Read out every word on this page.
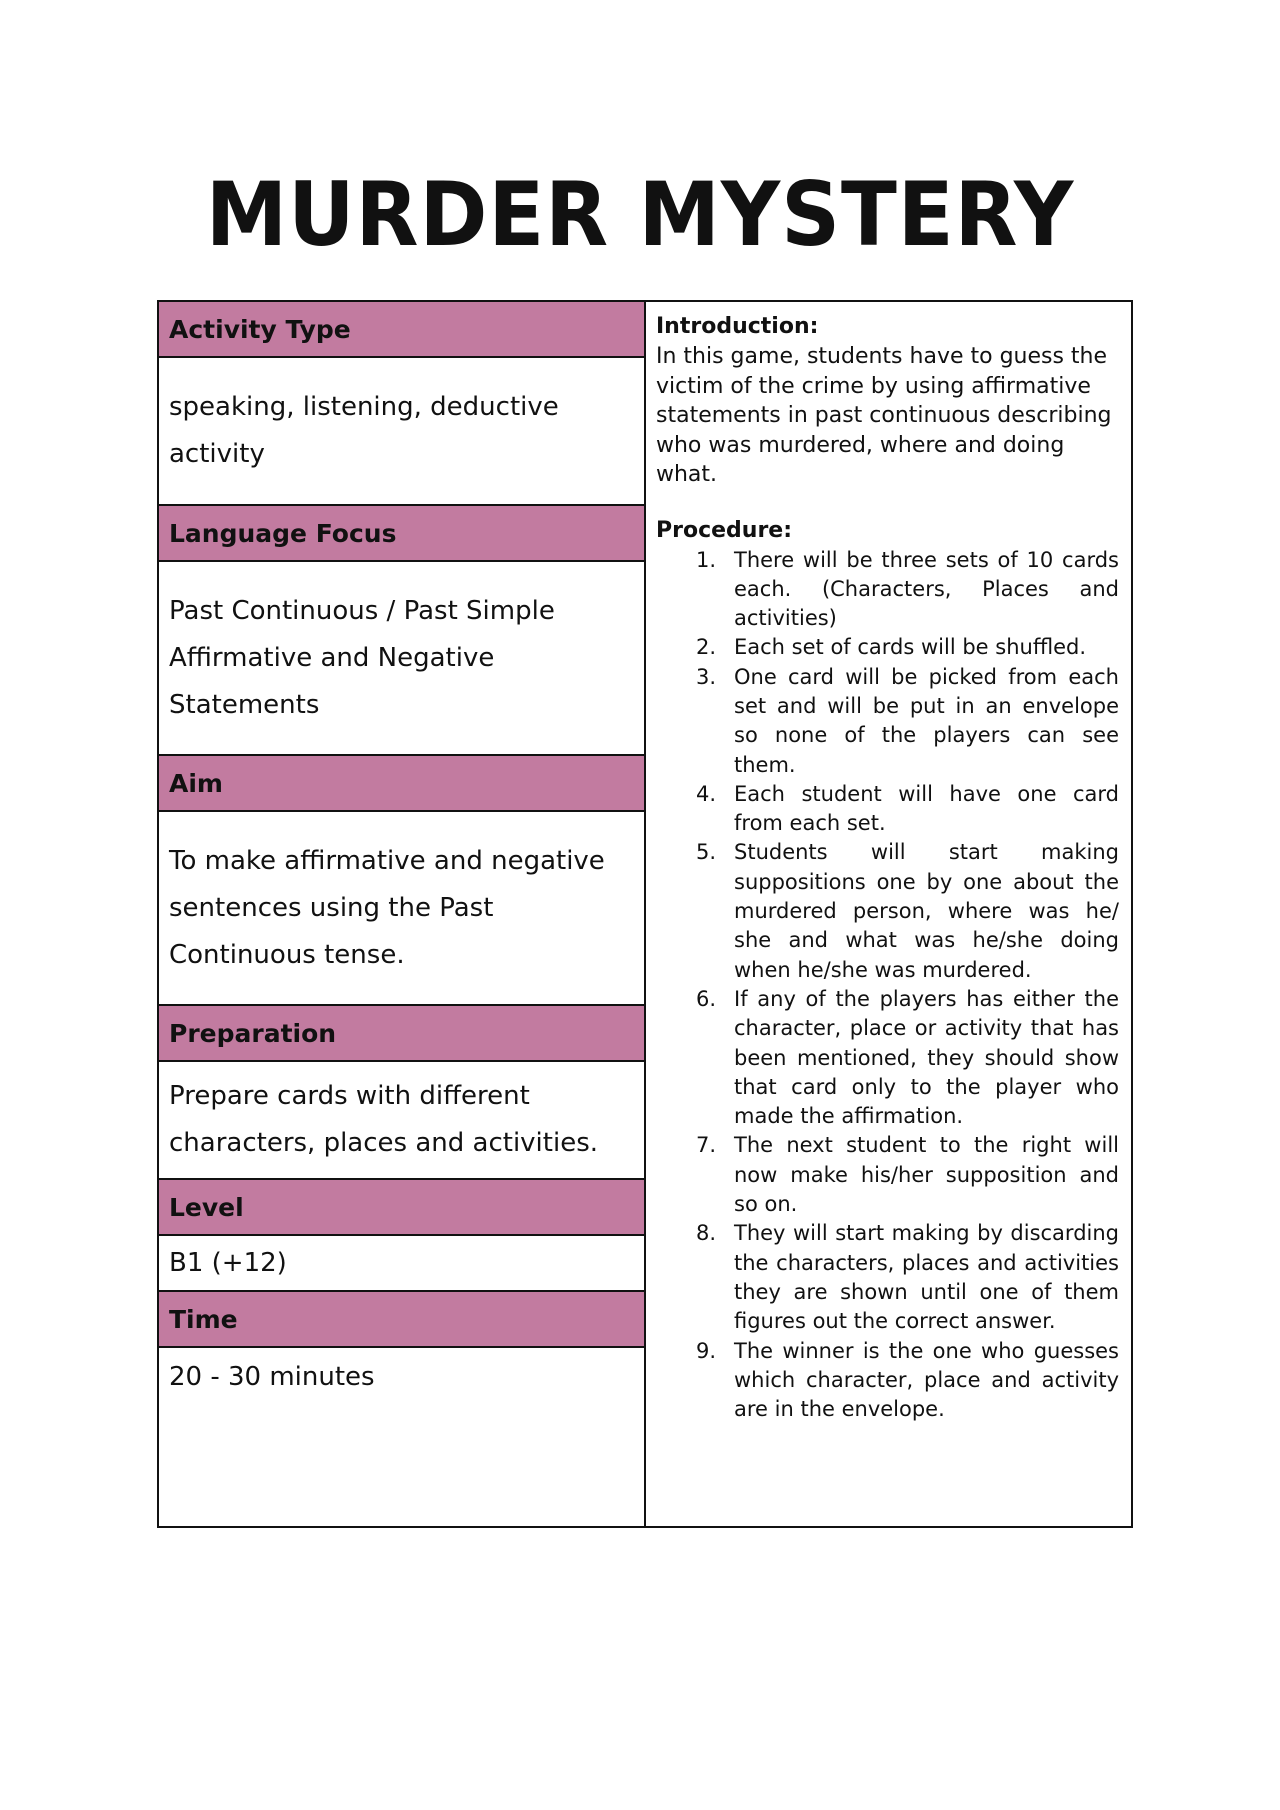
MURDER MYSTERY
Activity Type
speaking, listening, deductive
activity
Language Focus
Past Continuous / Past Simple
Affirmative and Negative
Statements
Aim
To make affirmative and negative
sentences using the Past
Continuous tense.
Preparation
Prepare cards with different
characters, places and activities.
Level
B1 (+12)
Time
20 - 30 minutes
Introduction:

In this game, students have to guess the victim of the crime by using affirmative statements in past continuous describing who was murdered, where and doing what.

Procedure:
1. There will be three sets of 10 cards each. (Characters, Places and activities)
2. Each set of cards will be shuffled.
3. One card will be picked from each set and will be put in an envelope so none of the players can see them.
4. Each student will have one card from each set.
5. Students will start making suppositions one by one about the murdered person, where was he/ she and what was he/she doing when he/she was murdered.
6. If any of the players has either the character, place or activity that has been mentioned, they should show that card only to the player who made the affirmation.
7. The next student to the right will now make his/her supposition and so on.
8. They will start making by discarding the characters, places and activities they are shown until one of them figures out the correct answer.
9. The winner is the one who guesses which character, place and activity are in the envelope.
